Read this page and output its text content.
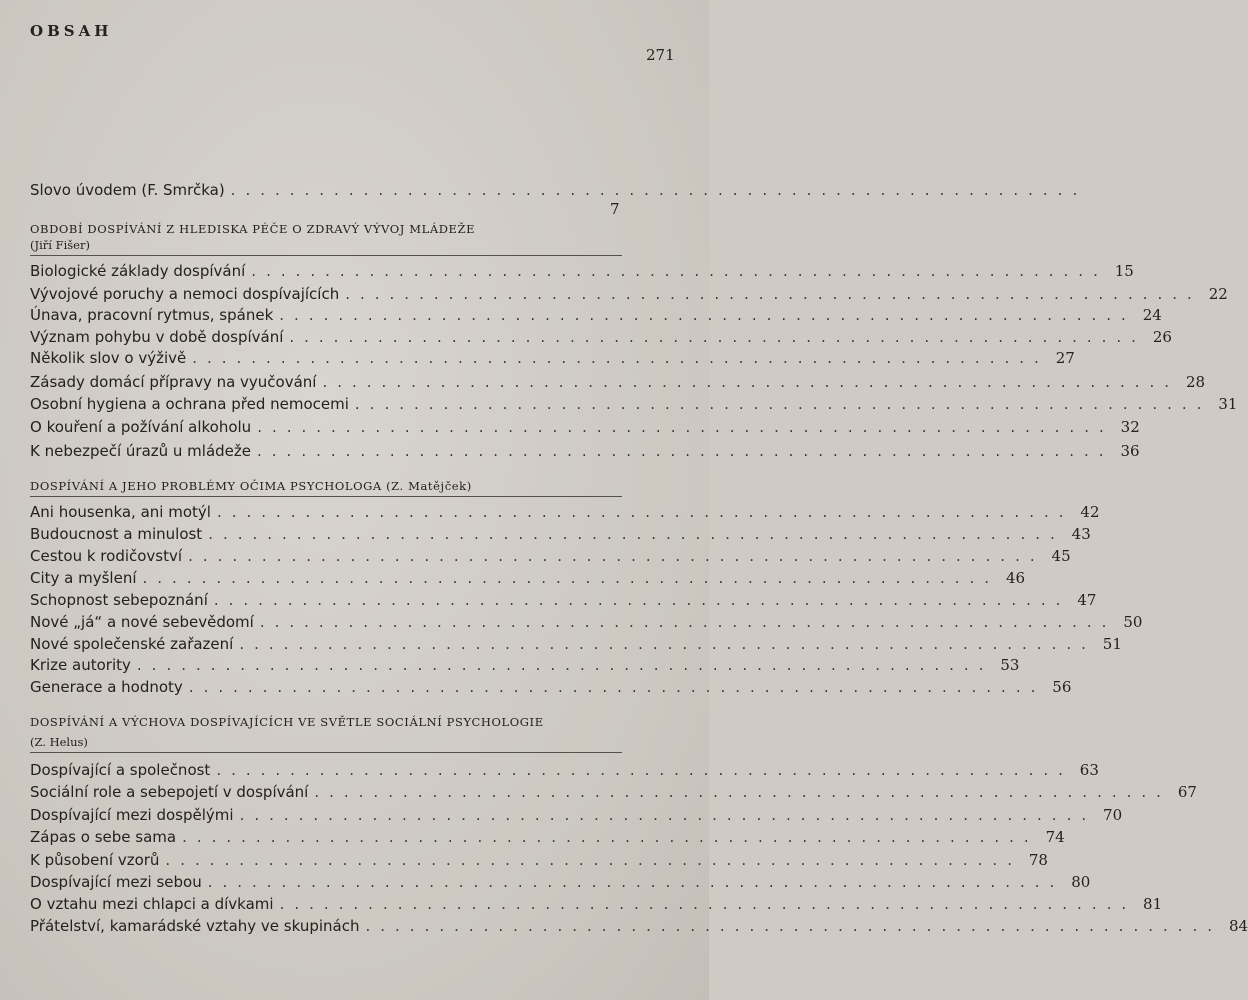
OBSAH
271
Slovo úvodem (F. Smrčka) ..........................................................
7
OBDOBÍ DOSPÍVÁNÍ Z HLEDISKA PÉČE O ZDRAVÝ VÝVOJ MLÁDEŽE
(Jiří Fišer)
Biologické základy dospívání .......................................................... 15
Vývojové poruchy a nemoci dospívajících .......................................................... 22
Únava, pracovní rytmus, spánek .......................................................... 24
Význam pohybu v době dospívání .......................................................... 26
Několik slov o výživě .......................................................... 27
Zásady domácí přípravy na vyučování .......................................................... 28
Osobní hygiena a ochrana před nemocemi .......................................................... 31
O kouření a požívání alkoholu .......................................................... 32
K nebezpečí úrazů u mládeže .......................................................... 36
DOSPÍVÁNÍ A JEHO PROBLÉMY OČIMA PSYCHOLOGA (Z. Matějček)
Ani housenka, ani motýl .......................................................... 42
Budoucnost a minulost .......................................................... 43
Cestou k rodičovství .......................................................... 45
City a myšlení .......................................................... 46
Schopnost sebepoznání .......................................................... 47
Nové „já“ a nové sebevědomí .......................................................... 50
Nové společenské zařazení .......................................................... 51
Krize autority .......................................................... 53
Generace a hodnoty .......................................................... 56
DOSPÍVÁNÍ A VÝCHOVA DOSPÍVAJÍCÍCH VE SVĚTLE SOCIÁLNÍ PSYCHOLOGIE
(Z. Helus)
Dospívající a společnost .......................................................... 63
Sociální role a sebepojetí v dospívání .......................................................... 67
Dospívající mezi dospělými .......................................................... 70
Zápas o sebe sama .......................................................... 74
K působení vzorů .......................................................... 78
Dospívající mezi sebou .......................................................... 80
O vztahu mezi chlapci a dívkami .......................................................... 81
Přátelství, kamarádské vztahy ve skupinách .......................................................... 84
